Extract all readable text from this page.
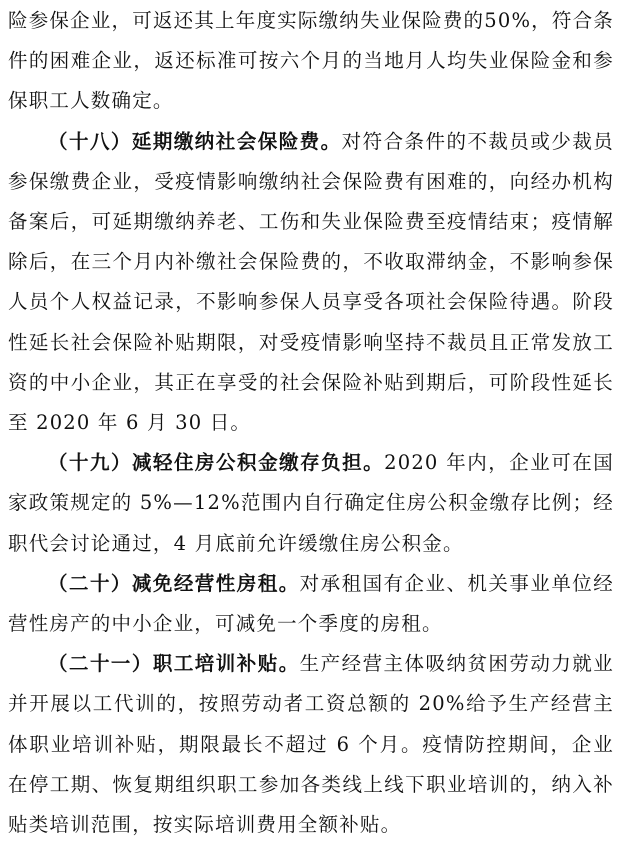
险参保企业，可返还其上年度实际缴纳失业保险费的50%，符合条件的困难企业，返还标准可按六个月的当地月人均失业保险金和参保职工人数确定。

（十八）延期缴纳社会保险费。对符合条件的不裁员或少裁员参保缴费企业，受疫情影响缴纳社会保险费有困难的，向经办机构备案后，可延期缴纳养老、工伤和失业保险费至疫情结束；疫情解除后，在三个月内补缴社会保险费的，不收取滞纳金，不影响参保人员个人权益记录，不影响参保人员享受各项社会保险待遇。阶段性延长社会保险补贴期限，对受疫情影响坚持不裁员且正常发放工资的中小企业，其正在享受的社会保险补贴到期后，可阶段性延长至 2020 年 6 月 30 日。

（十九）减轻住房公积金缴存负担。2020 年内，企业可在国家政策规定的 5%—12%范围内自行确定住房公积金缴存比例；经职代会讨论通过，4 月底前允许缓缴住房公积金。

（二十）减免经营性房租。对承租国有企业、机关事业单位经营性房产的中小企业，可减免一个季度的房租。

（二十一）职工培训补贴。生产经营主体吸纳贫困劳动力就业并开展以工代训的，按照劳动者工资总额的 20%给予生产经营主体职业培训补贴，期限最长不超过 6 个月。疫情防控期间，企业在停工期、恢复期组织职工参加各类线上线下职业培训的，纳入补贴类培训范围，按实际培训费用全额补贴。
